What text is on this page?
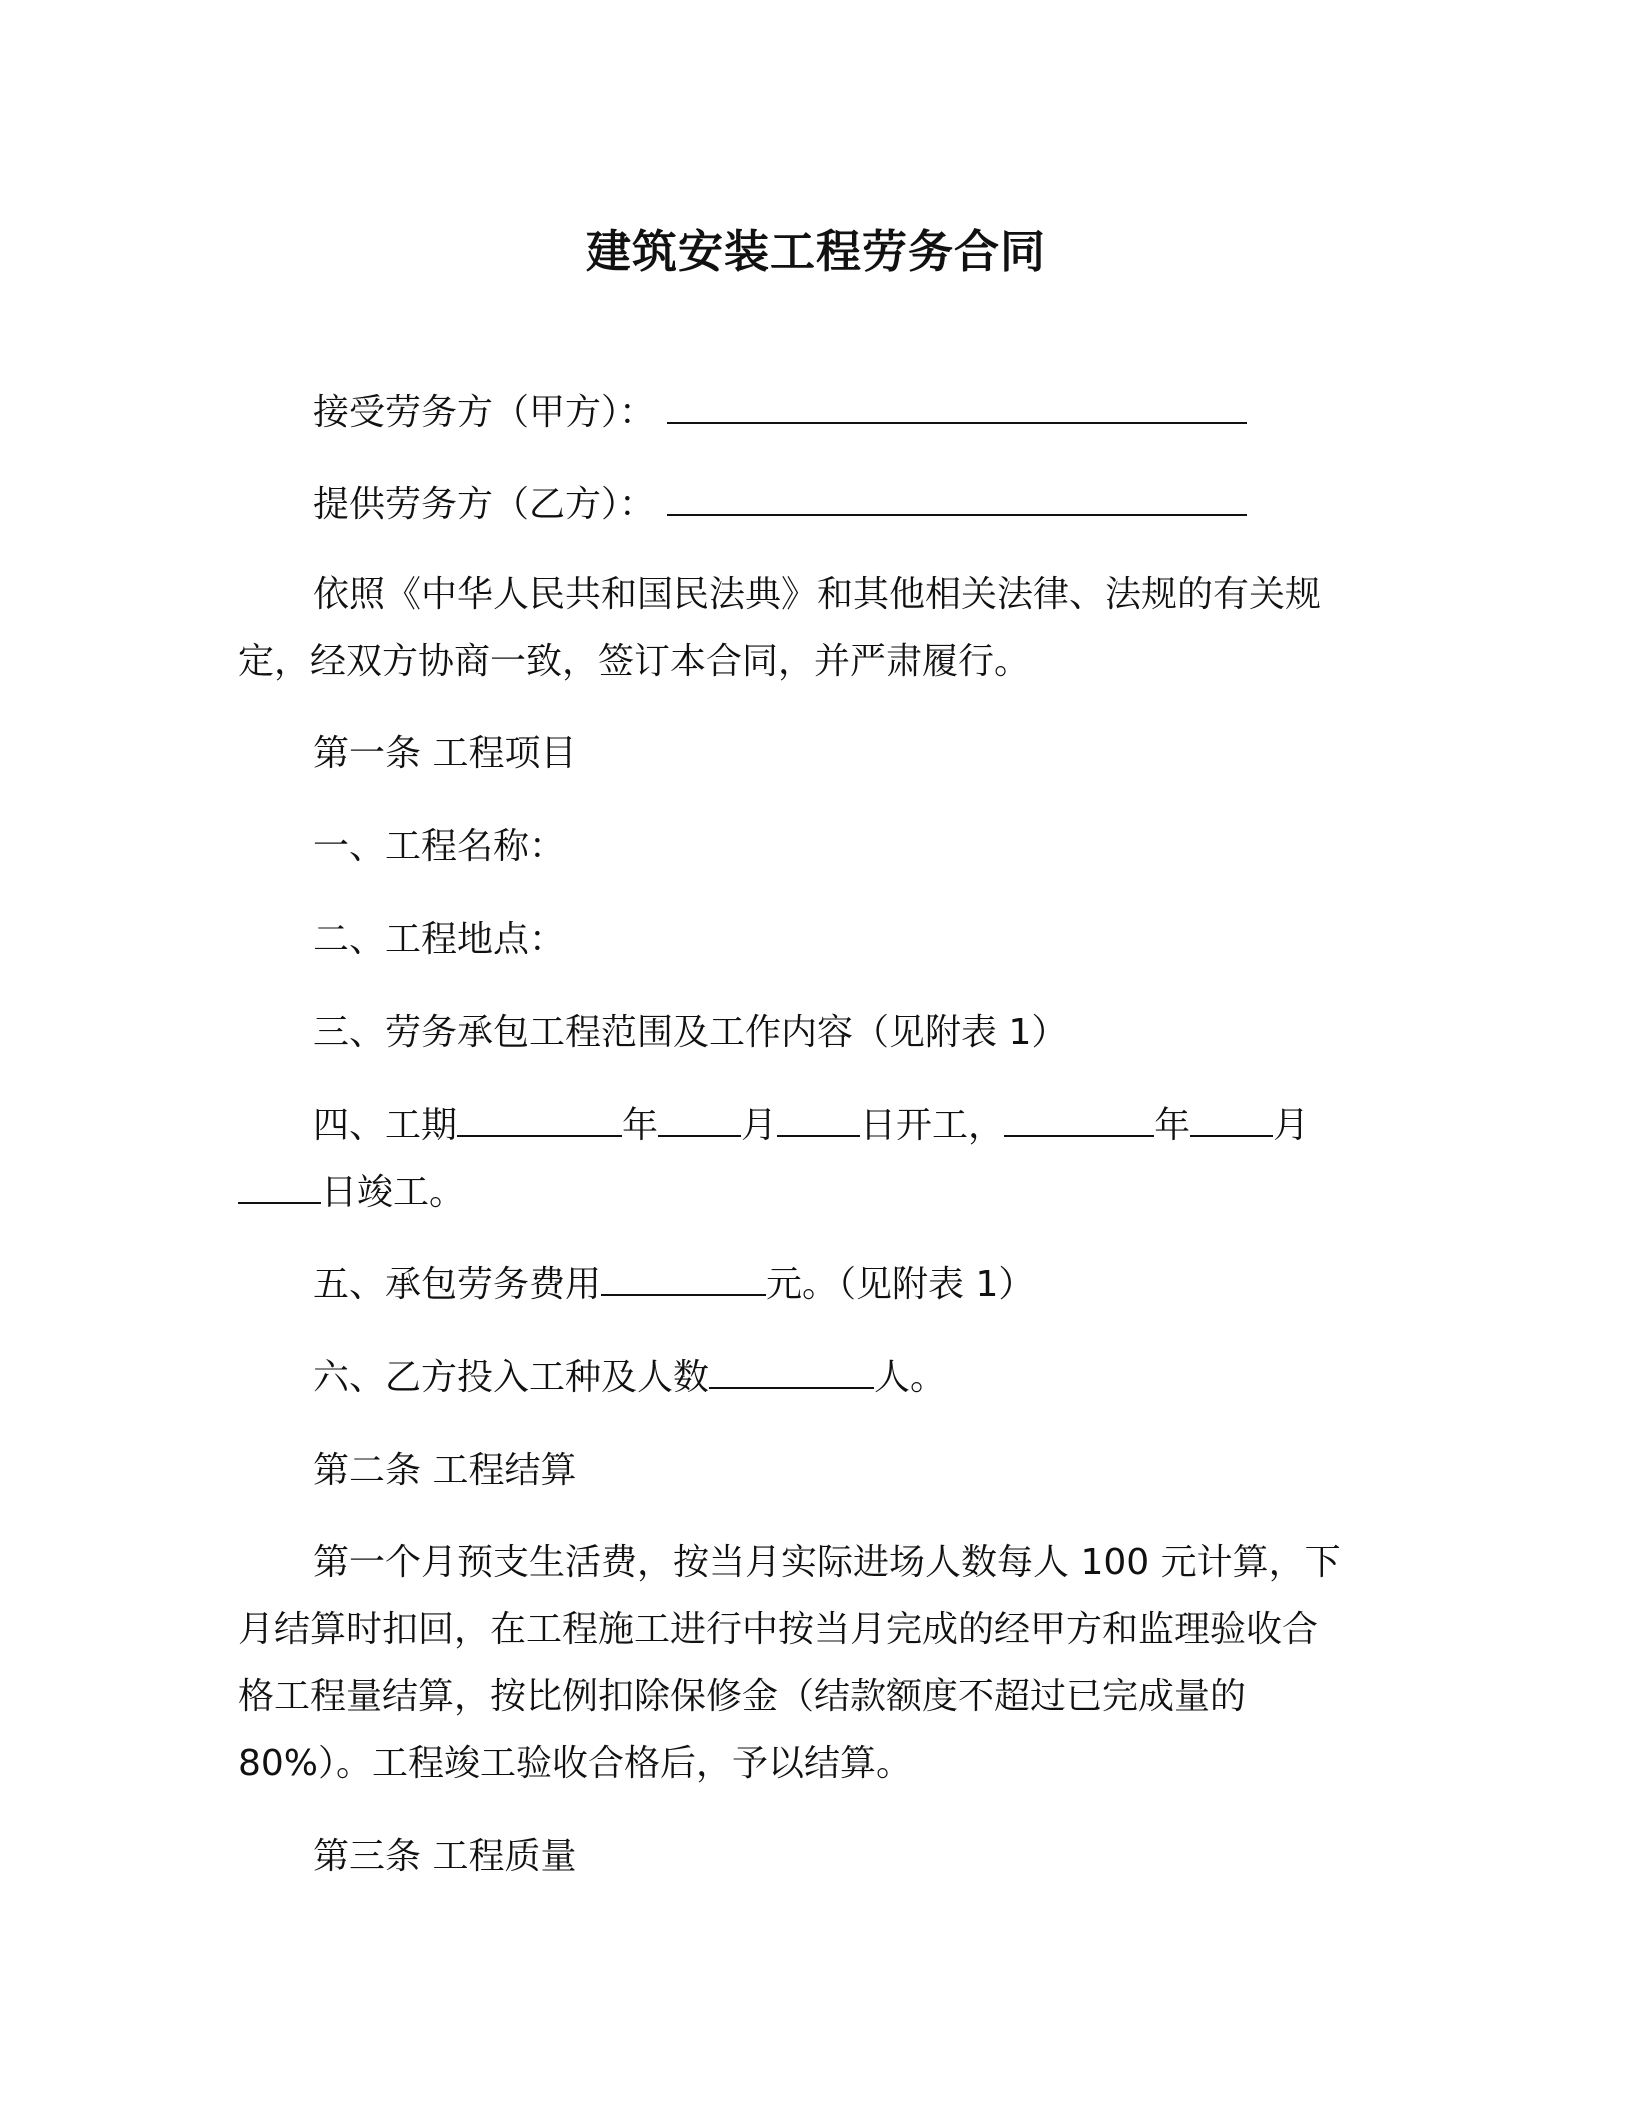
建筑安装工程劳务合同
接受劳务方（甲方）：
提供劳务方（乙方）：
依照《中华人民共和国民法典》和其他相关法律、法规的有关规
定，经双方协商一致，签订本合同，并严肃履行。
第一条 工程项目
一、工程名称：
二、工程地点：
三、劳务承包工程范围及工作内容（见附表 1）
四、工期	年 月 日开工，	年 月
日竣工。
五、承包劳务费用	元。（见附表 1）
六、乙方投入工种及人数	人。
第二条 工程结算
第一个月预支生活费，按当月实际进场人数每人 100 元计算，下
月结算时扣回，在工程施工进行中按当月完成的经甲方和监理验收合
格工程量结算，按比例扣除保修金（结款额度不超过已完成量的
80%）。工程竣工验收合格后，予以结算。
第三条 工程质量
